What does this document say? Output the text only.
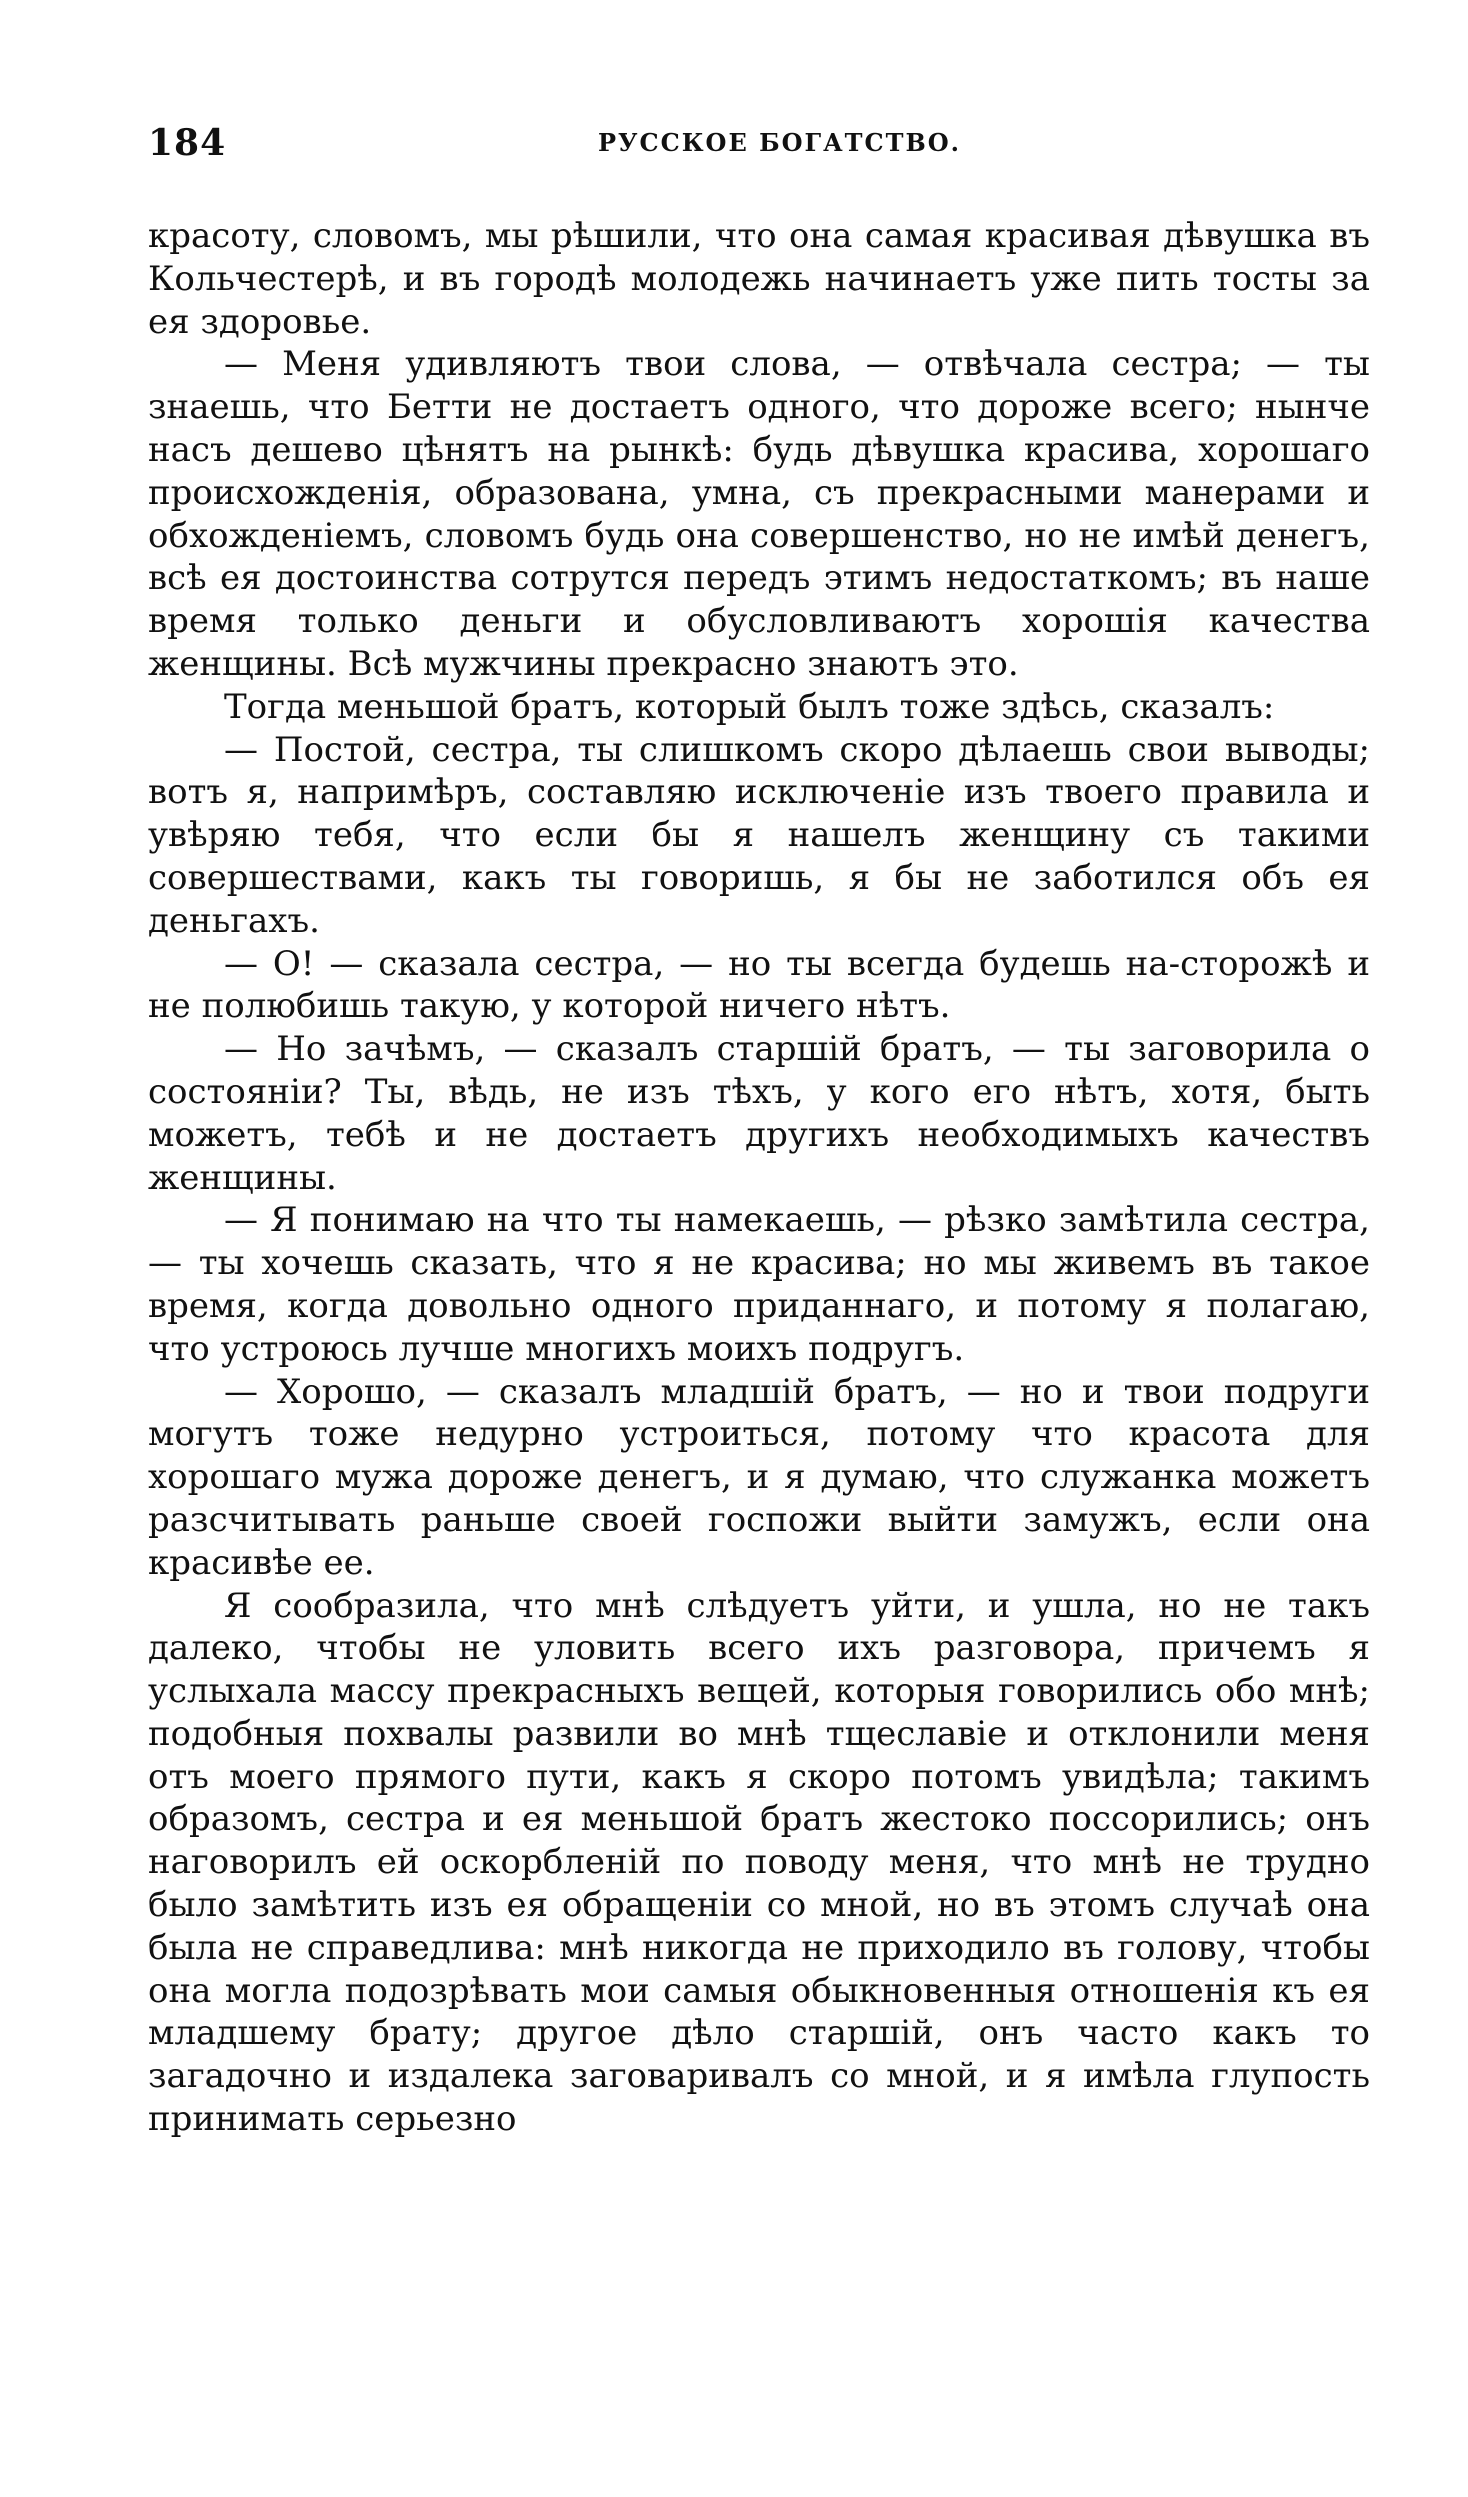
184	РУССКОЕ БОГАТСТВО.

красоту, словомъ, мы рѣшили, что она самая красивая дѣвушка въ Кольчестерѣ, и въ городѣ молодежь начинаетъ уже пить тосты за ея здоровье.

— Меня удивляютъ твои слова, — отвѣчала сестра; — ты знаешь, что Бетти не достаетъ одного, что дороже всего; нынче насъ дешево цѣнятъ на рынкѣ: будь дѣвушка красива, хорошаго происхожденія, образована, умна, съ прекрасными манерами и обхожденіемъ, словомъ будь она совершенство, но не имѣй денегъ, всѣ ея достоинства сотрутся передъ этимъ недостаткомъ; въ наше время только деньги и обусловливаютъ хорошія качества женщины. Всѣ мужчины прекрасно знаютъ это.

Тогда меньшой братъ, который былъ тоже здѣсь, сказалъ:

— Постой, сестра, ты слишкомъ скоро дѣлаешь свои выводы; вотъ я, напримѣръ, составляю исключеніе изъ твоего правила и увѣряю тебя, что если бы я нашелъ женщину съ такими совершествами, какъ ты говоришь, я бы не заботился объ ея деньгахъ.

— О! — сказала сестра, — но ты всегда будешь на-сторожѣ и не полюбишь такую, у которой ничего нѣтъ.

— Но зачѣмъ, — сказалъ старшій братъ, — ты заговорила о состояніи? Ты, вѣдь, не изъ тѣхъ, у кого его нѣтъ, хотя, быть можетъ, тебѣ и не достаетъ другихъ необходимыхъ качествъ женщины.

— Я понимаю на что ты намекаешь, — рѣзко замѣтила сестра, — ты хочешь сказать, что я не красива; но мы живемъ въ такое время, когда довольно одного приданнаго, и потому я полагаю, что устроюсь лучше многихъ моихъ подругъ.

— Хорошо, — сказалъ младшій братъ, — но и твои подруги могутъ тоже недурно устроиться, потому что красота для хорошаго мужа дороже денегъ, и я думаю, что служанка можетъ разсчитывать раньше своей госпожи выйти замужъ, если она красивѣе ее.

Я сообразила, что мнѣ слѣдуетъ уйти, и ушла, но не такъ далеко, чтобы не уловить всего ихъ разговора, причемъ я услыхала массу прекрасныхъ вещей, которыя говорились обо мнѣ; подобныя похвалы развили во мнѣ тщеславіе и отклонили меня отъ моего прямого пути, какъ я скоро потомъ увидѣла; такимъ образомъ, сестра и ея меньшой братъ жестоко поссорились; онъ наговорилъ ей оскорбленій по поводу меня, что мнѣ не трудно было замѣтить изъ ея обращеніи со мной, но въ этомъ случаѣ она была не справедлива: мнѣ никогда не приходило въ голову, чтобы она могла подозрѣвать мои самыя обыкновенныя отношенія къ ея младшему брату; другое дѣло старшій, онъ часто какъ то загадочно и издалека заговаривалъ со мной, и я имѣла глупость принимать серьезно
